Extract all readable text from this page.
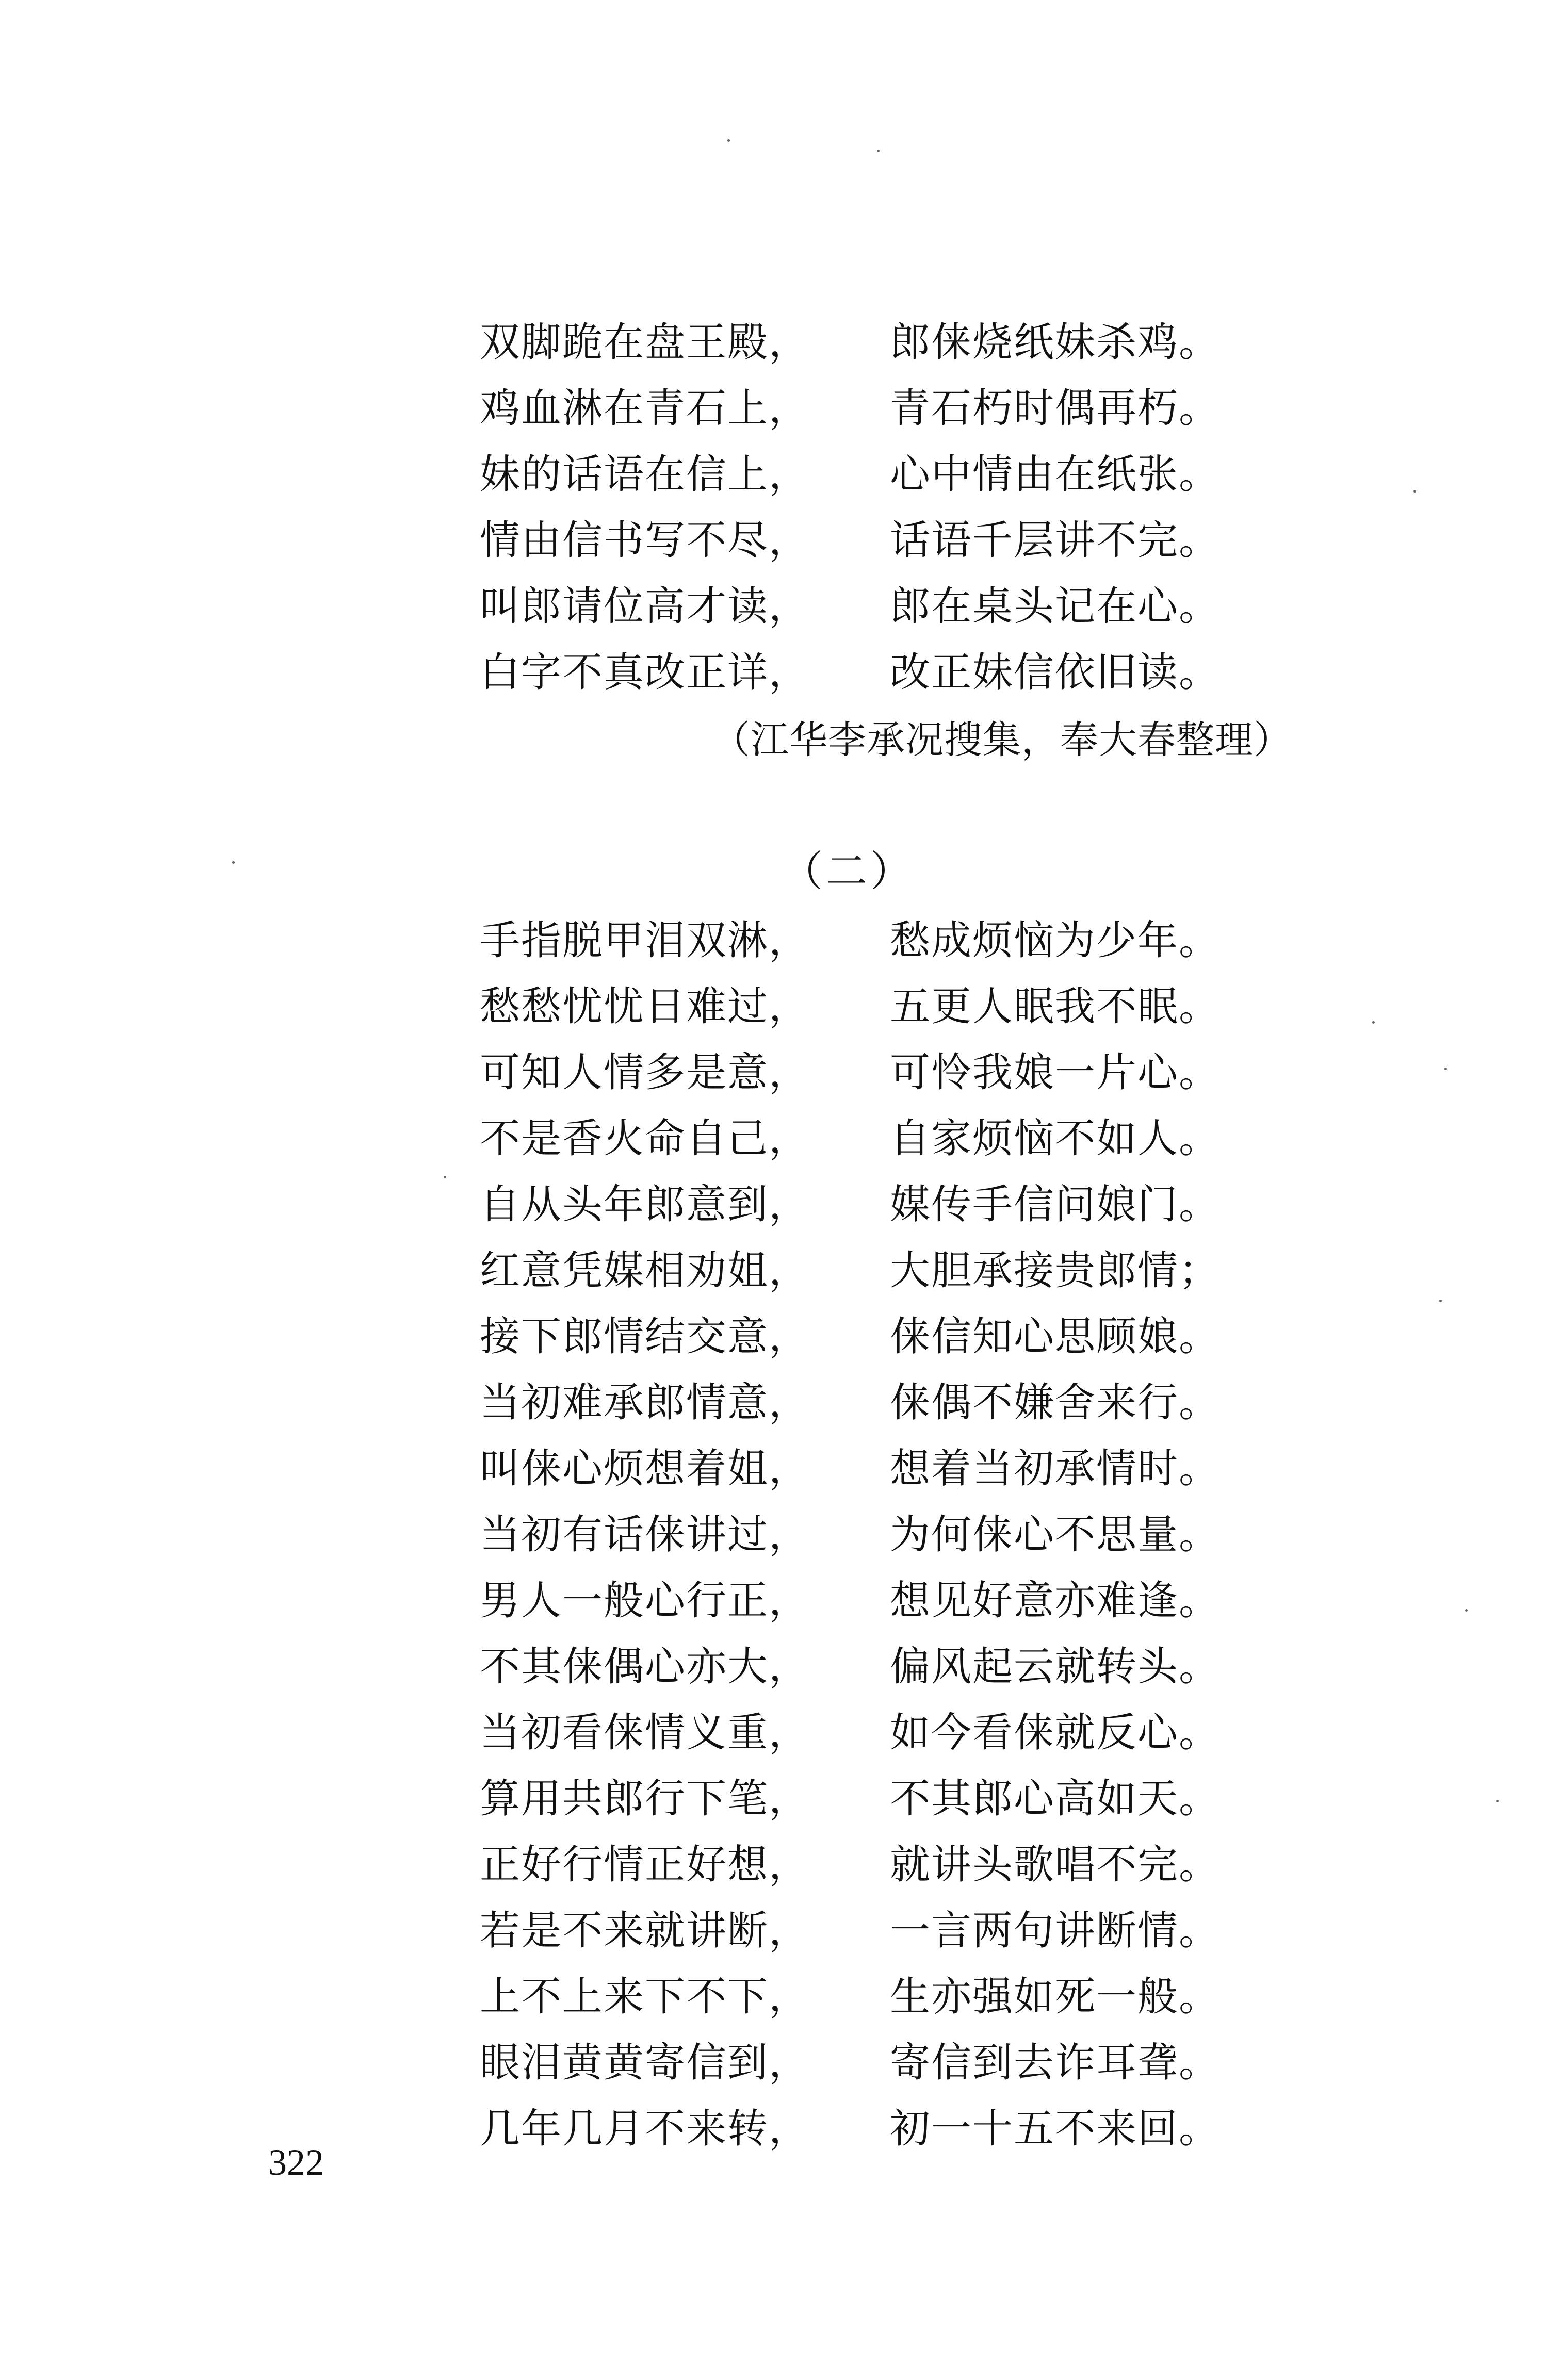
双脚跪在盘王殿， 郎俫烧纸妹杀鸡。
鸡血淋在青石上， 青石朽时偶再朽。
妹的话语在信上， 心中情由在纸张。
情由信书写不尽， 话语千层讲不完。
叫郎请位高才读， 郎在桌头记在心。
白字不真改正详， 改正妹信依旧读。
（江华李承况搜集，奉大春整理）
（二）
手指脱甲泪双淋， 愁成烦恼为少年。
愁愁忧忧日难过， 五更人眠我不眠。
可知人情多是意， 可怜我娘一片心。
不是香火命自己， 自家烦恼不如人。
自从头年郎意到， 媒传手信问娘门。
红意凭媒相劝姐， 大胆承接贵郎情；
接下郎情结交意， 俫信知心思顾娘。
当初难承郎情意， 俫偶不嫌舍来行。
叫俫心烦想着姐， 想着当初承情时。
当初有话俫讲过， 为何俫心不思量。
男人一般心行正， 想见好意亦难逢。
不其俫偶心亦大， 偏风起云就转头。
当初看俫情义重， 如今看俫就反心。
算用共郎行下笔， 不其郎心高如天。
正好行情正好想， 就讲头歌唱不完。
若是不来就讲断， 一言两句讲断情。
上不上来下不下， 生亦强如死一般。
眼泪黄黄寄信到， 寄信到去诈耳聋。
几年几月不来转， 初一十五不来回。
322
